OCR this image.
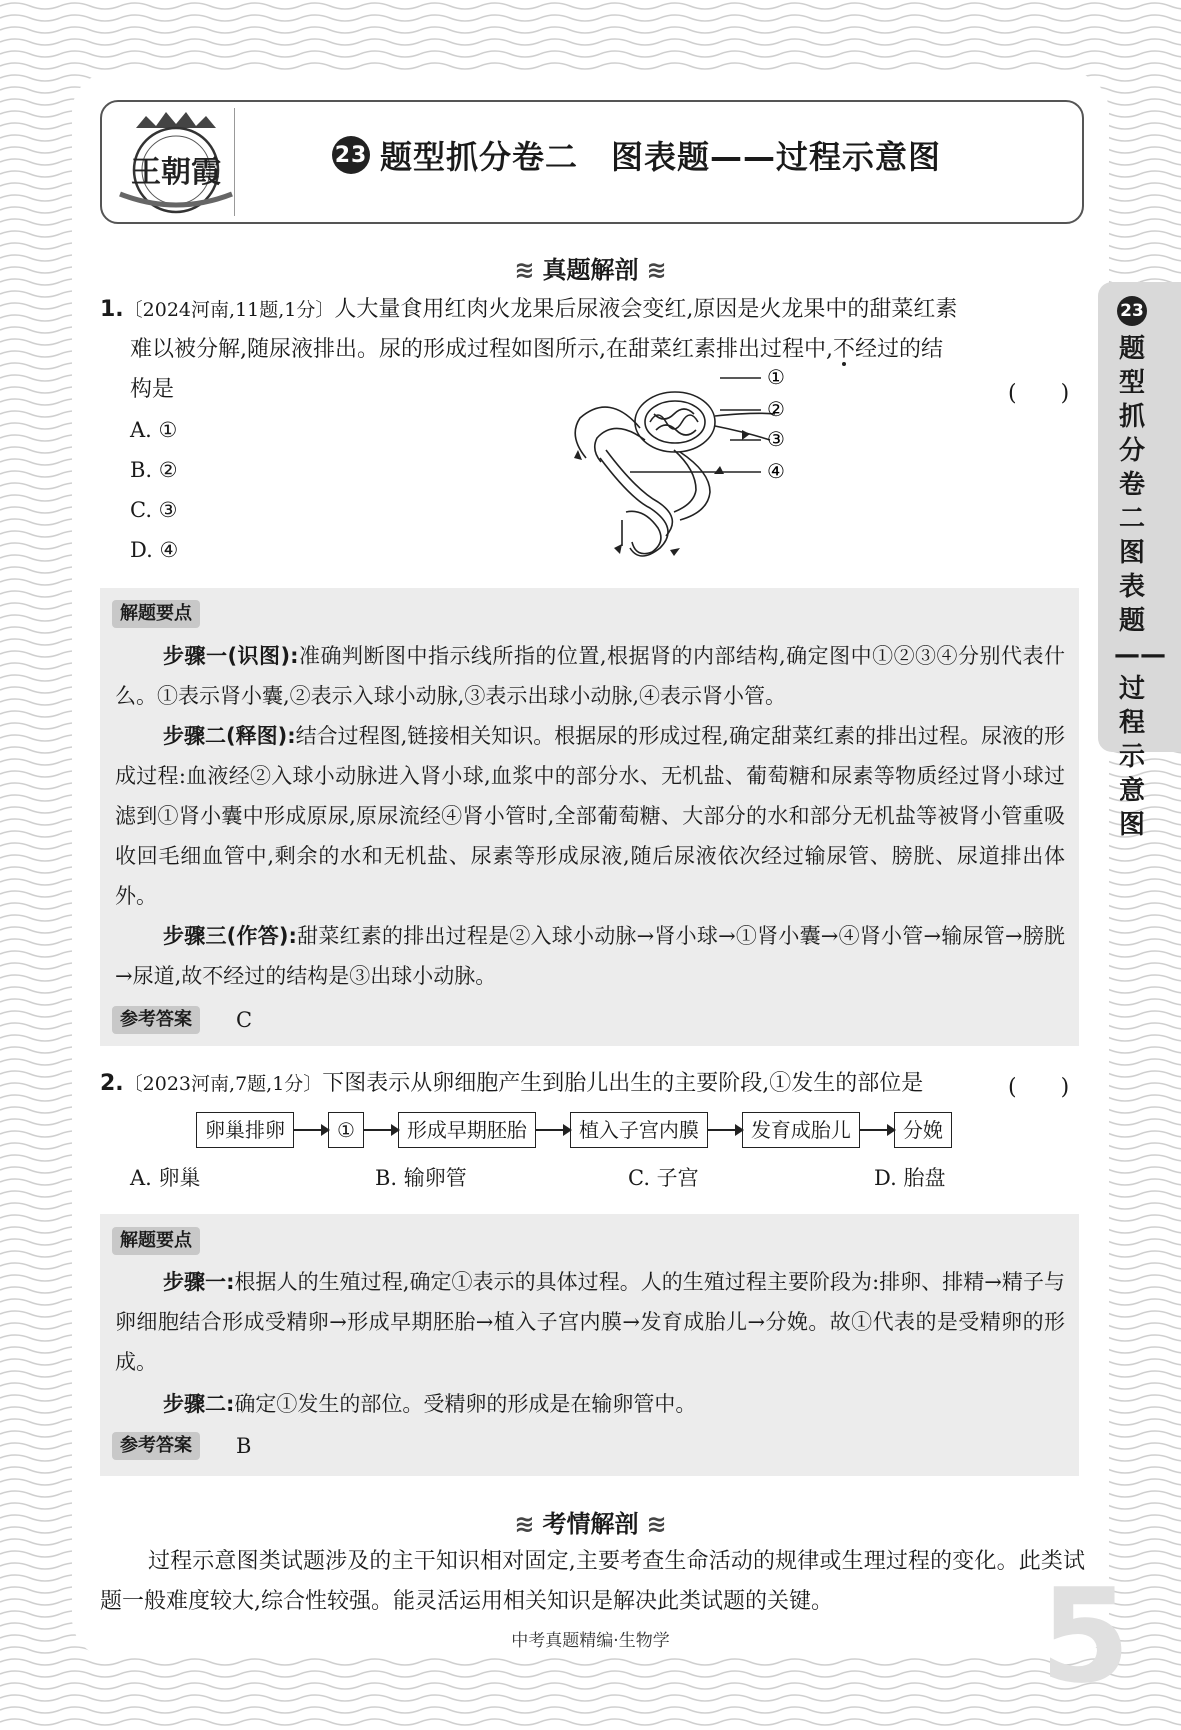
王朝霞	23 题型抓分卷二　图表题——过程示意图
≋ 真题解剖 ≋
1.〔2024河南,11题,1分〕人大量食用红肉火龙果后尿液会变红,原因是火龙果中的甜菜红素
难以被分解,随尿液排出。尿的形成过程如图所示,在甜菜红素排出过程中,不经过的结
构是	(　　)
A. ①
B. ②
C. ③
D. ④
①
②
③
④
解题要点
步骤一(识图):准确判断图中指示线所指的位置,根据肾的内部结构,确定图中①②③④分别代表什么。①表示肾小囊,②表示入球小动脉,③表示出球小动脉,④表示肾小管。
步骤二(释图):结合过程图,链接相关知识。根据尿的形成过程,确定甜菜红素的排出过程。尿液的形成过程:血液经②入球小动脉进入肾小球,血浆中的部分水、无机盐、葡萄糖和尿素等物质经过肾小球过滤到①肾小囊中形成原尿,原尿流经④肾小管时,全部葡萄糖、大部分的水和部分无机盐等被肾小管重吸收回毛细血管中,剩余的水和无机盐、尿素等形成尿液,随后尿液依次经过输尿管、膀胱、尿道排出体外。
步骤三(作答):甜菜红素的排出过程是②入球小动脉→肾小球→①肾小囊→④肾小管→输尿管→膀胱→尿道,故不经过的结构是③出球小动脉。
参考答案	C
2.〔2023河南,7题,1分〕下图表示从卵细胞产生到胎儿出生的主要阶段,①发生的部位是	(　　)
卵巢排卵	①	形成早期胚胎	植入子宫内膜	发育成胎儿	分娩
A. 卵巢	B. 输卵管	C. 子宫	D. 胎盘
解题要点
步骤一:根据人的生殖过程,确定①表示的具体过程。人的生殖过程主要阶段为:排卵、排精→精子与卵细胞结合形成受精卵→形成早期胚胎→植入子宫内膜→发育成胎儿→分娩。故①代表的是受精卵的形成。
步骤二:确定①发生的部位。受精卵的形成是在输卵管中。
参考答案	B
≋ 考情解剖 ≋
5
过程示意图类试题涉及的主干知识相对固定,主要考查生命活动的规律或生理过程的变化。此类试题一般难度较大,综合性较强。能灵活运用相关知识是解决此类试题的关键。
中考真题精编·生物学
23
题型抓分卷二图表题——过程示意图
